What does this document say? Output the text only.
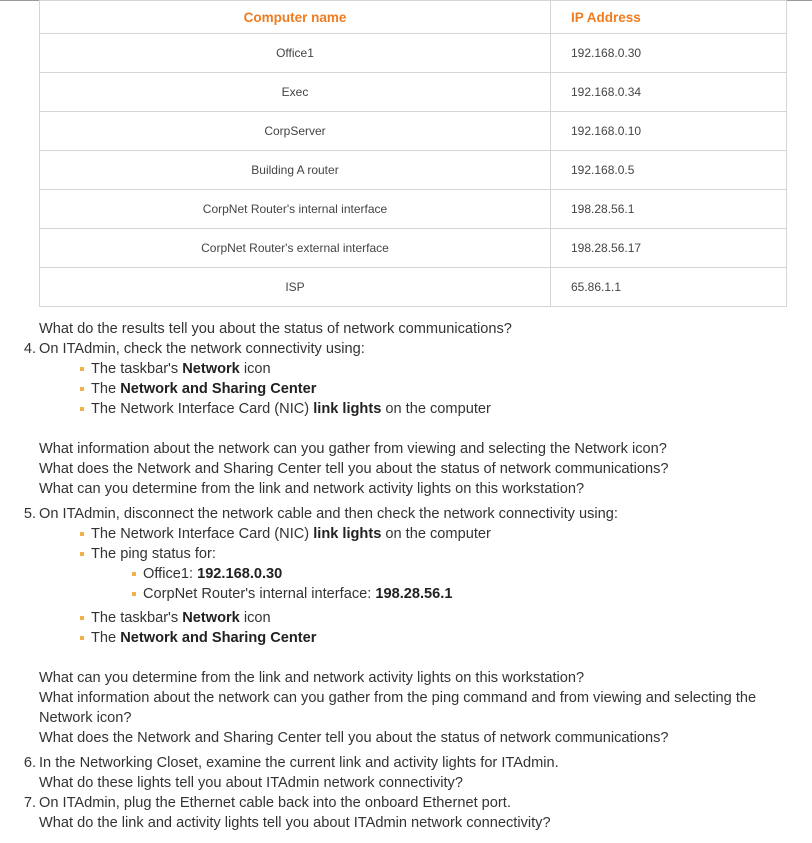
Computer name	IP Address
Office1	192.168.0.30
Exec	192.168.0.34
CorpServer	192.168.0.10
Building A router	192.168.0.5
CorpNet Router's internal interface	198.28.56.1
CorpNet Router's external interface	198.28.56.17
ISP	65.86.1.1

What do the results tell you about the status of network communications?

4. On ITAdmin, check the network connectivity using:
The taskbar's Network icon
The Network and Sharing Center
The Network Interface Card (NIC) link lights on the computer
What information about the network can you gather from viewing and selecting the Network icon?
What does the Network and Sharing Center tell you about the status of network communications?
What can you determine from the link and network activity lights on this workstation?
5. On ITAdmin, disconnect the network cable and then check the network connectivity using:
The Network Interface Card (NIC) link lights on the computer
The ping status for:
Office1: 192.168.0.30
CorpNet Router's internal interface: 198.28.56.1
The taskbar's Network icon
The Network and Sharing Center
What can you determine from the link and network activity lights on this workstation?
What information about the network can you gather from the ping command and from viewing and selecting the Network icon?
What does the Network and Sharing Center tell you about the status of network communications?
6. In the Networking Closet, examine the current link and activity lights for ITAdmin.
What do these lights tell you about ITAdmin network connectivity?
7. On ITAdmin, plug the Ethernet cable back into the onboard Ethernet port.
What do the link and activity lights tell you about ITAdmin network connectivity?
